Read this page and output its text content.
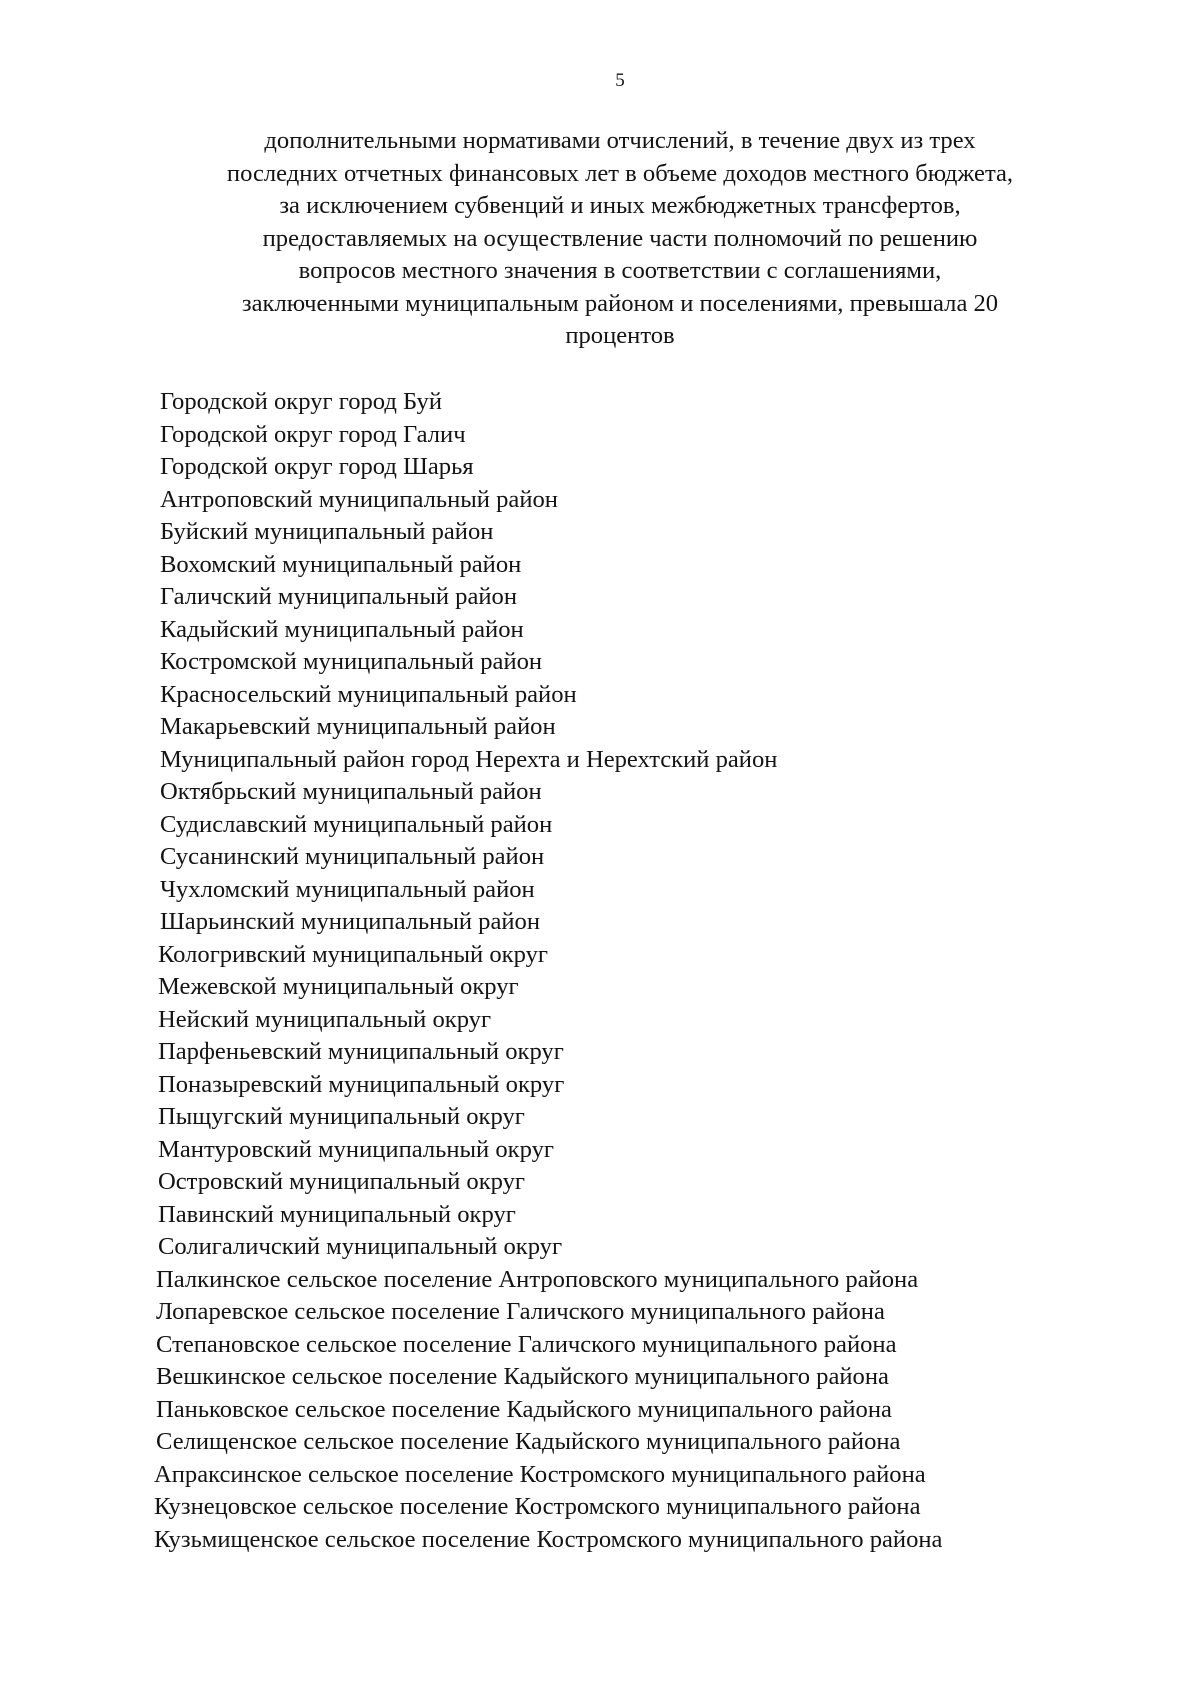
5
дополнительными нормативами отчислений, в течение двух из трех
последних отчетных финансовых лет в объеме доходов местного бюджета,
за исключением субвенций и иных межбюджетных трансфертов,
предоставляемых на осуществление части полномочий по решению
вопросов местного значения в соответствии с соглашениями,
заключенными муниципальным районом и поселениями, превышала 20
процентов
Городской округ город Буй
Городской округ город Галич
Городской округ город Шарья
Антроповский муниципальный район
Буйский муниципальный район
Вохомский муниципальный район
Галичский муниципальный район
Кадыйский муниципальный район
Костромской муниципальный район
Красносельский муниципальный район
Макарьевский муниципальный район
Муниципальный район город Нерехта и Нерехтский район
Октябрьский муниципальный район
Судиславский муниципальный район
Сусанинский муниципальный район
Чухломский муниципальный район
Шарьинский муниципальный район
Кологривский муниципальный округ
Межевской муниципальный округ
Нейский муниципальный округ
Парфеньевский муниципальный округ
Поназыревский муниципальный округ
Пыщугский муниципальный округ
Мантуровский муниципальный округ
Островский муниципальный округ
Павинский муниципальный округ
Солигаличский муниципальный округ
Палкинское сельское поселение Антроповского муниципального района
Лопаревское сельское поселение Галичского муниципального района
Степановское сельское поселение Галичского муниципального района
Вешкинское сельское поселение Кадыйского муниципального района
Паньковское сельское поселение Кадыйского муниципального района
Селищенское сельское поселение Кадыйского муниципального района
Апраксинское сельское поселение Костромского муниципального района
Кузнецовское сельское поселение Костромского муниципального района
Кузьмищенское сельское поселение Костромского муниципального района
